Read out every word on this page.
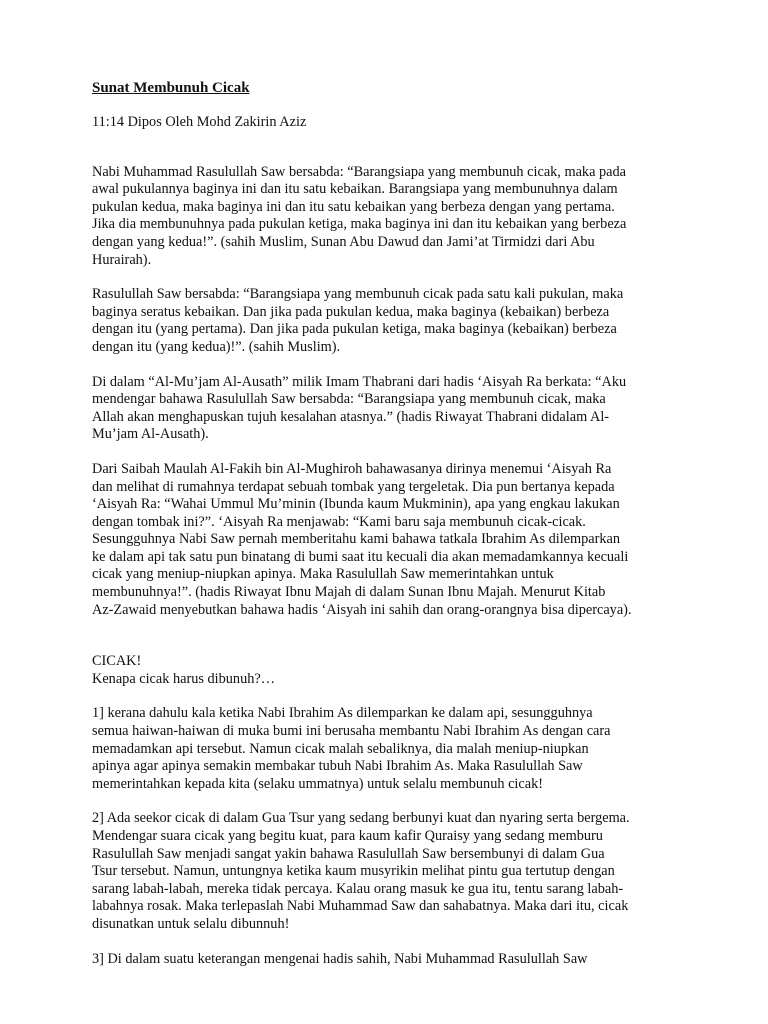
Sunat Membunuh Cicak

11:14 Dipos Oleh Mohd Zakirin Aziz

Nabi Muhammad Rasulullah Saw bersabda: “Barangsiapa yang membunuh cicak, maka pada
awal pukulannya baginya ini dan itu satu kebaikan. Barangsiapa yang membunuhnya dalam
pukulan kedua, maka baginya ini dan itu satu kebaikan yang berbeza dengan yang pertama.
Jika dia membunuhnya pada pukulan ketiga, maka baginya ini dan itu kebaikan yang berbeza
dengan yang kedua!”. (sahih Muslim, Sunan Abu Dawud dan Jami’at Tirmidzi dari Abu
Hurairah).

Rasulullah Saw bersabda: “Barangsiapa yang membunuh cicak pada satu kali pukulan, maka
baginya seratus kebaikan. Dan jika pada pukulan kedua, maka baginya (kebaikan) berbeza
dengan itu (yang pertama). Dan jika pada pukulan ketiga, maka baginya (kebaikan) berbeza
dengan itu (yang kedua)!”. (sahih Muslim).

Di dalam “Al-Mu’jam Al-Ausath” milik Imam Thabrani dari hadis ‘Aisyah Ra berkata: “Aku
mendengar bahawa Rasulullah Saw bersabda: “Barangsiapa yang membunuh cicak, maka
Allah akan menghapuskan tujuh kesalahan atasnya.” (hadis Riwayat Thabrani didalam Al-
Mu’jam Al-Ausath).

Dari Saibah Maulah Al-Fakih bin Al-Mughiroh bahawasanya dirinya menemui ‘Aisyah Ra
dan melihat di rumahnya terdapat sebuah tombak yang tergeletak. Dia pun bertanya kepada
‘Aisyah Ra: “Wahai Ummul Mu’minin (Ibunda kaum Mukminin), apa yang engkau lakukan
dengan tombak ini?”. ‘Aisyah Ra menjawab: “Kami baru saja membunuh cicak-cicak.
Sesungguhnya Nabi Saw pernah memberitahu kami bahawa tatkala Ibrahim As dilemparkan
ke dalam api tak satu pun binatang di bumi saat itu kecuali dia akan memadamkannya kecuali
cicak yang meniup-niupkan apinya. Maka Rasulullah Saw memerintahkan untuk
membunuhnya!”. (hadis Riwayat Ibnu Majah di dalam Sunan Ibnu Majah. Menurut Kitab
Az-Zawaid menyebutkan bahawa hadis ‘Aisyah ini sahih dan orang-orangnya bisa dipercaya).

CICAK!
Kenapa cicak harus dibunuh?…

1] kerana dahulu kala ketika Nabi Ibrahim As dilemparkan ke dalam api, sesungguhnya
semua haiwan-haiwan di muka bumi ini berusaha membantu Nabi Ibrahim As dengan cara
memadamkan api tersebut. Namun cicak malah sebaliknya, dia malah meniup-niupkan
apinya agar apinya semakin membakar tubuh Nabi Ibrahim As. Maka Rasulullah Saw
memerintahkan kepada kita (selaku ummatnya) untuk selalu membunuh cicak!

2] Ada seekor cicak di dalam Gua Tsur yang sedang berbunyi kuat dan nyaring serta bergema.
Mendengar suara cicak yang begitu kuat, para kaum kafir Quraisy yang sedang memburu
Rasulullah Saw menjadi sangat yakin bahawa Rasulullah Saw bersembunyi di dalam Gua
Tsur tersebut. Namun, untungnya ketika kaum musyrikin melihat pintu gua tertutup dengan
sarang labah-labah, mereka tidak percaya. Kalau orang masuk ke gua itu, tentu sarang labah-
labahnya rosak. Maka terlepaslah Nabi Muhammad Saw dan sahabatnya. Maka dari itu, cicak
disunatkan untuk selalu dibunnuh!

3] Di dalam suatu keterangan mengenai hadis sahih, Nabi Muhammad Rasulullah Saw
